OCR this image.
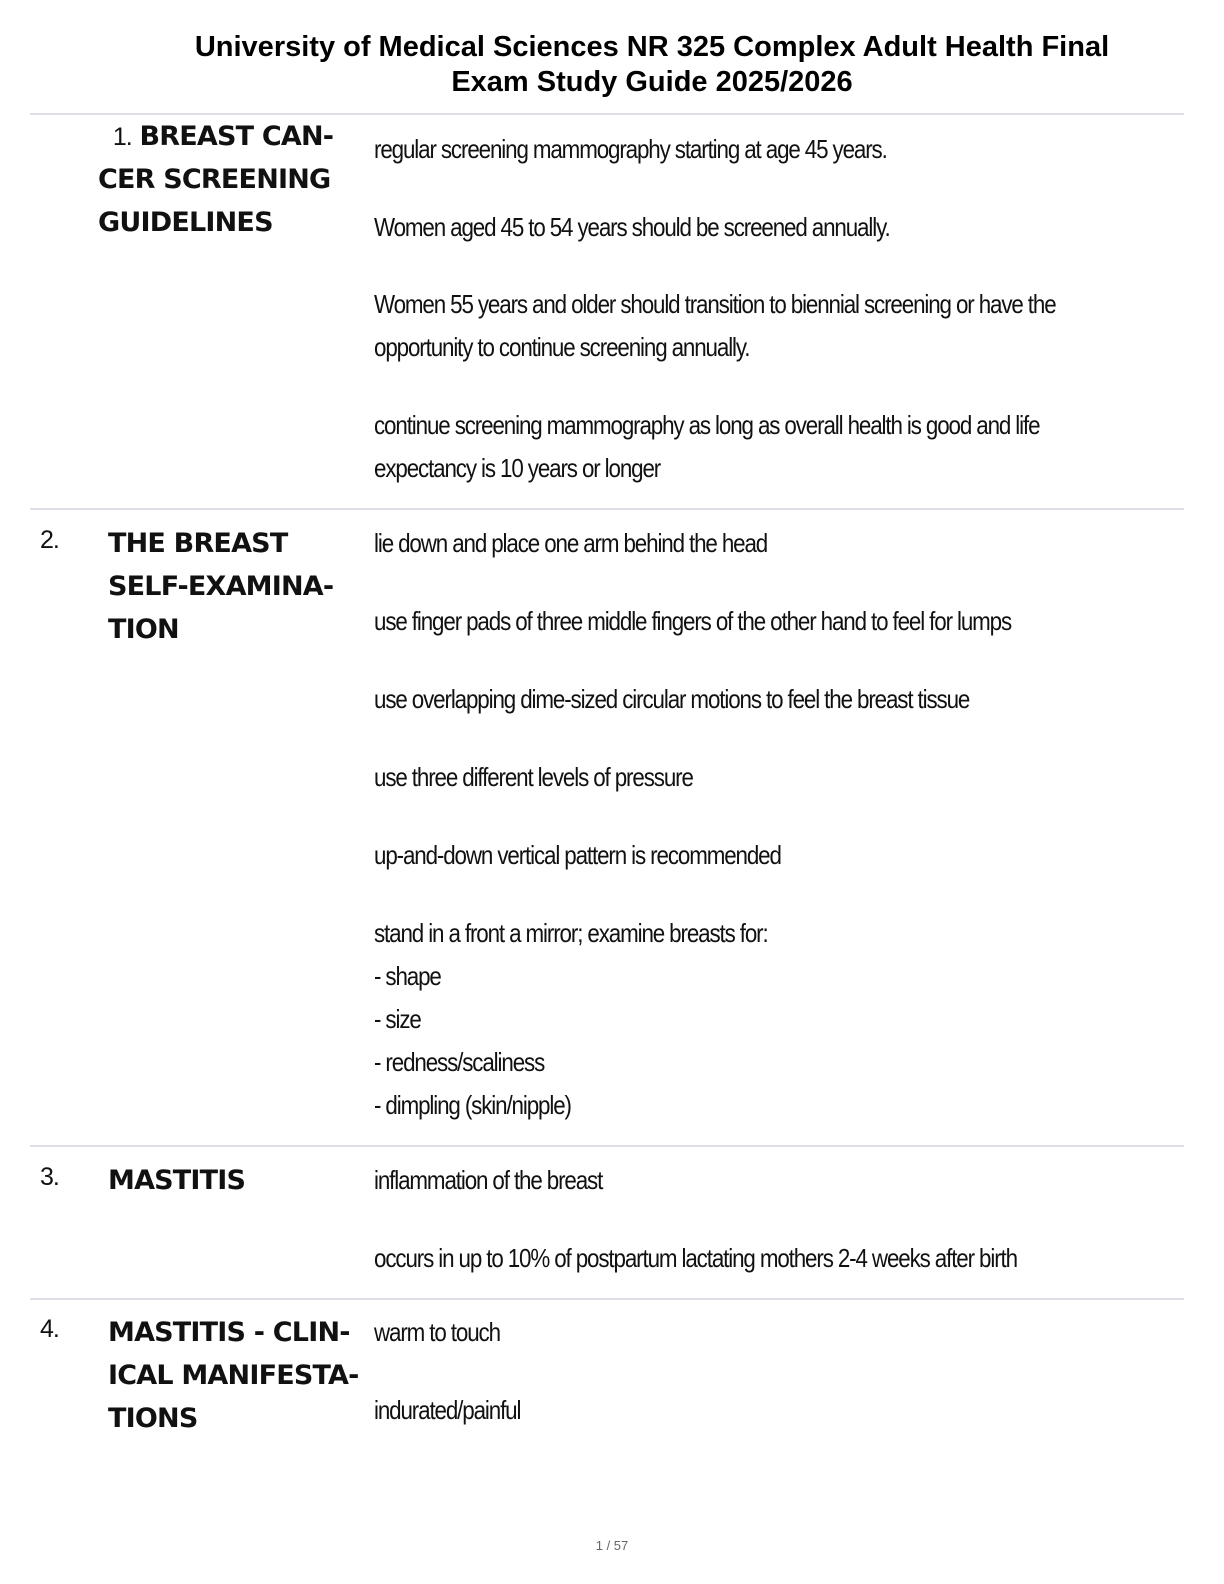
University of Medical Sciences NR 325 Complex Adult Health Final
Exam Study Guide 2025/2026
1. BREAST CAN-
CER SCREENING
GUIDELINES
regular screening mammography starting at age 45 years.
Women aged 45 to 54 years should be screened annually.
Women 55 years and older should transition to biennial screening or have the
opportunity to continue screening annually.
continue screening mammography as long as overall health is good and life
expectancy is 10 years or longer
2. THE BREAST
SELF-EXAMINA-
TION
lie down and place one arm behind the head
use finger pads of three middle fingers of the other hand to feel for lumps
use overlapping dime-sized circular motions to feel the breast tissue
use three different levels of pressure
up-and-down vertical pattern is recommended
stand in a front a mirror; examine breasts for:
- shape
- size
- redness/scaliness
- dimpling (skin/nipple)
3. MASTITIS	inflammation of the breast
occurs in up to 10% of postpartum lactating mothers 2-4 weeks after birth
4. MASTITIS - CLIN-
ICAL MANIFESTA-
TIONS
warm to touch
indurated/painful
1 / 57
